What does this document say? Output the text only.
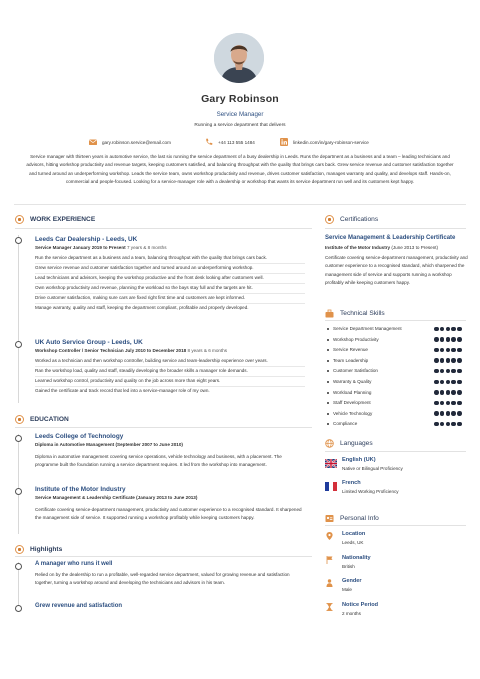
Gary Robinson
Service Manager
Running a service department that delivers
gary.robinson.service@email.com	+44 113 555 1484	linkedin.com/in/gary-robinson-service
Service manager with thirteen years in automotive service, the last six running the service department of a busy dealership in Leeds. Runs the department as a business and a team – leading technicians and advisors, hitting workshop productivity and revenue targets, keeping customers satisfied, and balancing throughput with the quality that brings cars back. Grew service revenue and customer satisfaction together and turned around an underperforming workshop. Leads the service team, owns workshop productivity and revenue, drives customer satisfaction, manages warranty and quality, and develops staff. Hands-on, commercial and people-focused. Looking for a service-manager role with a dealership or workshop that wants its service department run well and its customers kept happy.
WORK EXPERIENCE
Leeds Car Dealership - Leeds, UK
Service Manager January 2019 to Present 7 years & 8 months

Run the service department as a business and a team, balancing throughput with the quality that brings cars back.

Grew service revenue and customer satisfaction together and turned around an underperforming workshop.

Lead technicians and advisors, keeping the workshop productive and the front desk looking after customers well.

Own workshop productivity and revenue, planning the workload so the bays stay full and the targets are hit.

Drive customer satisfaction, making sure cars are fixed right first time and customers are kept informed.

Manage warranty, quality and staff, keeping the department compliant, profitable and properly developed.

UK Auto Service Group - Leeds, UK
Workshop Controller / Senior Technician July 2010 to December 2018 8 years & 6 months

Worked as a technician and then workshop controller, building service and team-leadership experience over years.

Ran the workshop load, quality and staff, steadily developing the broader skills a manager role demands.

Learned workshop control, productivity and quality on the job across more than eight years.

Gained the certificate and track record that led into a service-manager role of my own.

EDUCATION
Leeds College of Technology
Diploma in Automotive Management (September 2007 to June 2010)
Diploma in automotive management covering service operations, vehicle technology and business, with a placement. The programme built the foundation running a service department requires. It led from the workshop into management.
Institute of the Motor Industry
Service Management & Leadership Certificate (January 2013 to June 2013)
Certificate covering service-department management, productivity and customer experience to a recognised standard. It sharpened the management side of service. It supported running a workshop profitably while keeping customers happy.
Highlights
A manager who runs it well
Relied on by the dealership to run a profitable, well-regarded service department, valued for growing revenue and satisfaction together, turning a workshop around and developing the technicians and advisors in his team.
Grew revenue and satisfaction
Certifications
Service Management & Leadership Certificate
Institute of the Motor Industry (June 2013 to Present)
Certificate covering service-department management, productivity and customer experience to a recognised standard, which sharpened the management side of service and supports running a workshop profitably while keeping customers happy.
Technical Skills
Service Department Management
Workshop Productivity
Service Revenue
Team Leadership
Customer Satisfaction
Warranty & Quality
Workload Planning
Staff Development
Vehicle Technology
Compliance
Languages
English (UK)
Native or Bilingual Proficiency
French
Limited Working Proficiency
Personal Info
Location
Leeds, UK
Nationality
British
Gender
Male
Notice Period
2 months
